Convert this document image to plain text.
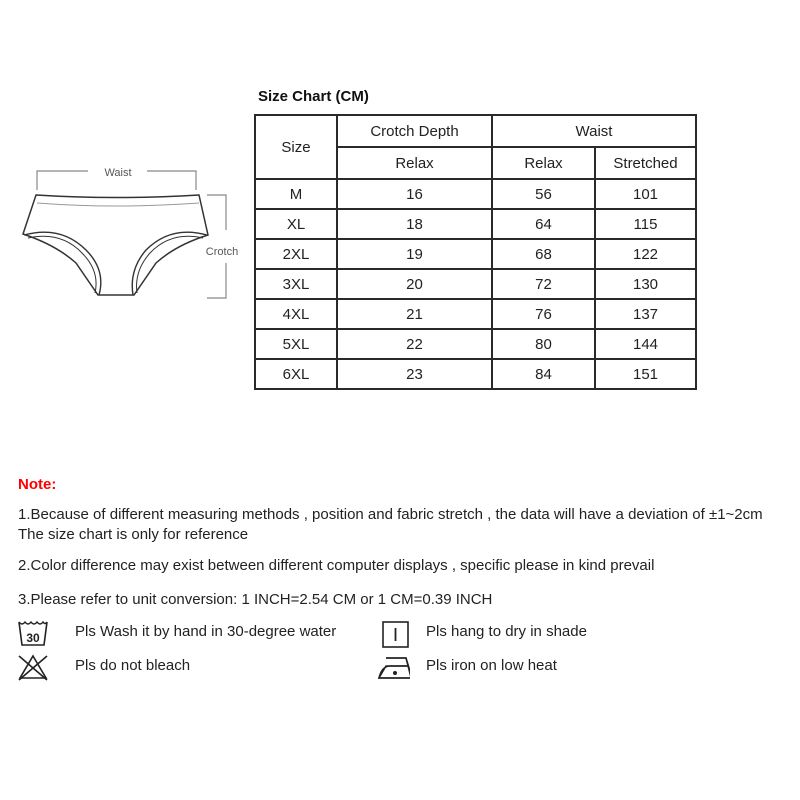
Waist
Crotch
Size Chart (CM)
Size	Crotch Depth	Waist	
	Relax	Relax	Stretched
M	16	56	101
XL	18	64	115
2XL	19	68	122
3XL	20	72	130
4XL	21	76	137
5XL	22	80	144
6XL	23	84	151
Note:
1.Because of different measuring methods , position and fabric stretch , the data will have a deviation of ±1~2cm
The size chart is only for reference
2.Color difference may exist between different computer displays , specific please in kind prevail
3.Please refer to unit conversion: 1 INCH=2.54 CM or 1 CM=0.39 INCH
30 Pls Wash it by hand in 30-degree water	Pls hang to dry in shade
Pls do not bleach	Pls iron on low heat
